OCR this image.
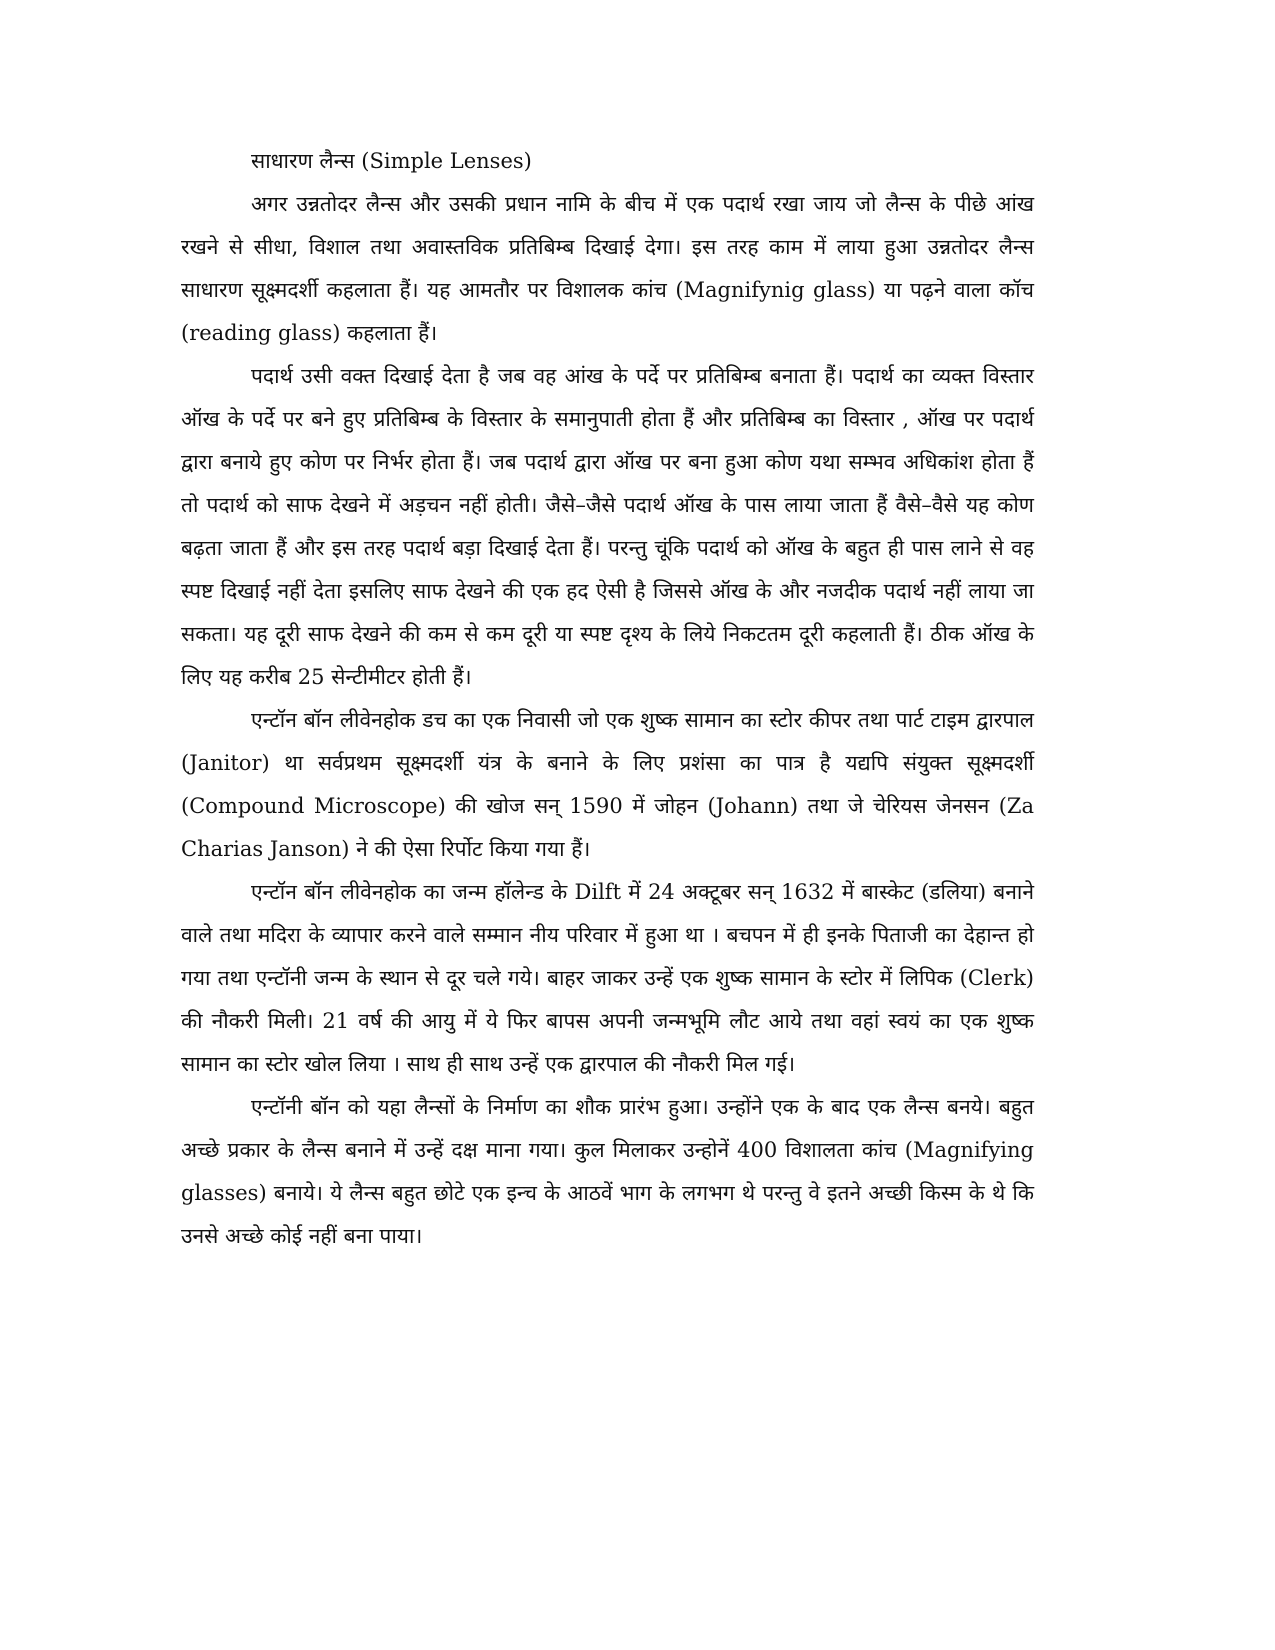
साधारण लैन्स (Simple Lenses)

अगर उन्नतोदर लैन्स और उसकी प्रधान नामि के बीच में एक पदार्थ रखा जाय जो लैन्स के पीछे आंख रखने से सीधा, विशाल तथा अवास्तविक प्रतिबिम्ब दिखाई देगा। इस तरह काम में लाया हुआ उन्नतोदर लैन्स साधारण सूक्ष्मदर्शी कहलाता हैं। यह आमतौर पर विशालक कांच (Magnifynig glass) या पढ़ने वाला कॉच (reading glass) कहलाता हैं।

पदार्थ उसी वक्त दिखाई देता है जब वह आंख के पर्दे पर प्रतिबिम्ब बनाता हैं। पदार्थ का व्यक्त विस्तार ऑख के पर्दे पर बने हुए प्रतिबिम्ब के विस्तार के समानुपाती होता हैं और प्रतिबिम्ब का विस्तार , ऑख पर पदार्थ द्वारा बनाये हुए कोण पर निर्भर होता हैं। जब पदार्थ द्वारा ऑख पर बना हुआ कोण यथा सम्भव अधिकांश होता हैं तो पदार्थ को साफ देखने में अड़चन नहीं होती। जैसे–जैसे पदार्थ ऑख के पास लाया जाता हैं वैसे–वैसे यह कोण बढ़ता जाता हैं और इस तरह पदार्थ बड़ा दिखाई देता हैं। परन्तु चूंकि पदार्थ को ऑख के बहुत ही पास लाने से वह स्पष्ट दिखाई नहीं देता इसलिए साफ देखने की एक हद ऐसी है जिससे ऑख के और नजदीक पदार्थ नहीं लाया जा सकता। यह दूरी साफ देखने की कम से कम दूरी या स्पष्ट दृश्य के लिये निकटतम दूरी कहलाती हैं। ठीक ऑख के लिए यह करीब 25 सेन्टीमीटर होती हैं।

एन्टॉन बॉन लीवेनहोक डच का एक निवासी जो एक शुष्क सामान का स्टोर कीपर तथा पार्ट टाइम द्वारपाल (Janitor) था सर्वप्रथम सूक्ष्मदर्शी यंत्र के बनाने के लिए प्रशंसा का पात्र है यद्यपि संयुक्त सूक्ष्मदर्शी (Compound Microscope) की खोज सन् 1590 में जोहन (Johann) तथा जे चेरियस जेनसन (Za Charias Janson) ने की ऐसा रिर्पोट किया गया हैं।

एन्टॉन बॉन लीवेनहोक का जन्म हॉलेन्ड के Dilft में 24 अक्टूबर सन् 1632 में बास्केट (डलिया) बनाने वाले तथा मदिरा के व्यापार करने वाले सम्मान नीय परिवार में हुआ था । बचपन में ही इनके पिताजी का देहान्त हो गया तथा एन्टॉनी जन्म के स्थान से दूर चले गये। बाहर जाकर उन्हें एक शुष्क सामान के स्टोर में लिपिक (Clerk) की नौकरी मिली। 21 वर्ष की आयु में ये फिर बापस अपनी जन्मभूमि लौट आये तथा वहां स्वयं का एक शुष्क सामान का स्टोर खोल लिया । साथ ही साथ उन्हें एक द्वारपाल की नौकरी मिल गई।

एन्टॉनी बॉन को यहा लैन्सों के निर्माण का शौक प्रारंभ हुआ। उन्होंने एक के बाद एक लैन्स बनये। बहुत अच्छे प्रकार के लैन्स बनाने में उन्हें दक्ष माना गया। कुल मिलाकर उन्होनें 400 विशालता कांच (Magnifying glasses) बनाये। ये लैन्स बहुत छोटे एक इन्च के आठवें भाग के लगभग थे परन्तु वे इतने अच्छी किस्म के थे कि उनसे अच्छे कोई नहीं बना पाया।
